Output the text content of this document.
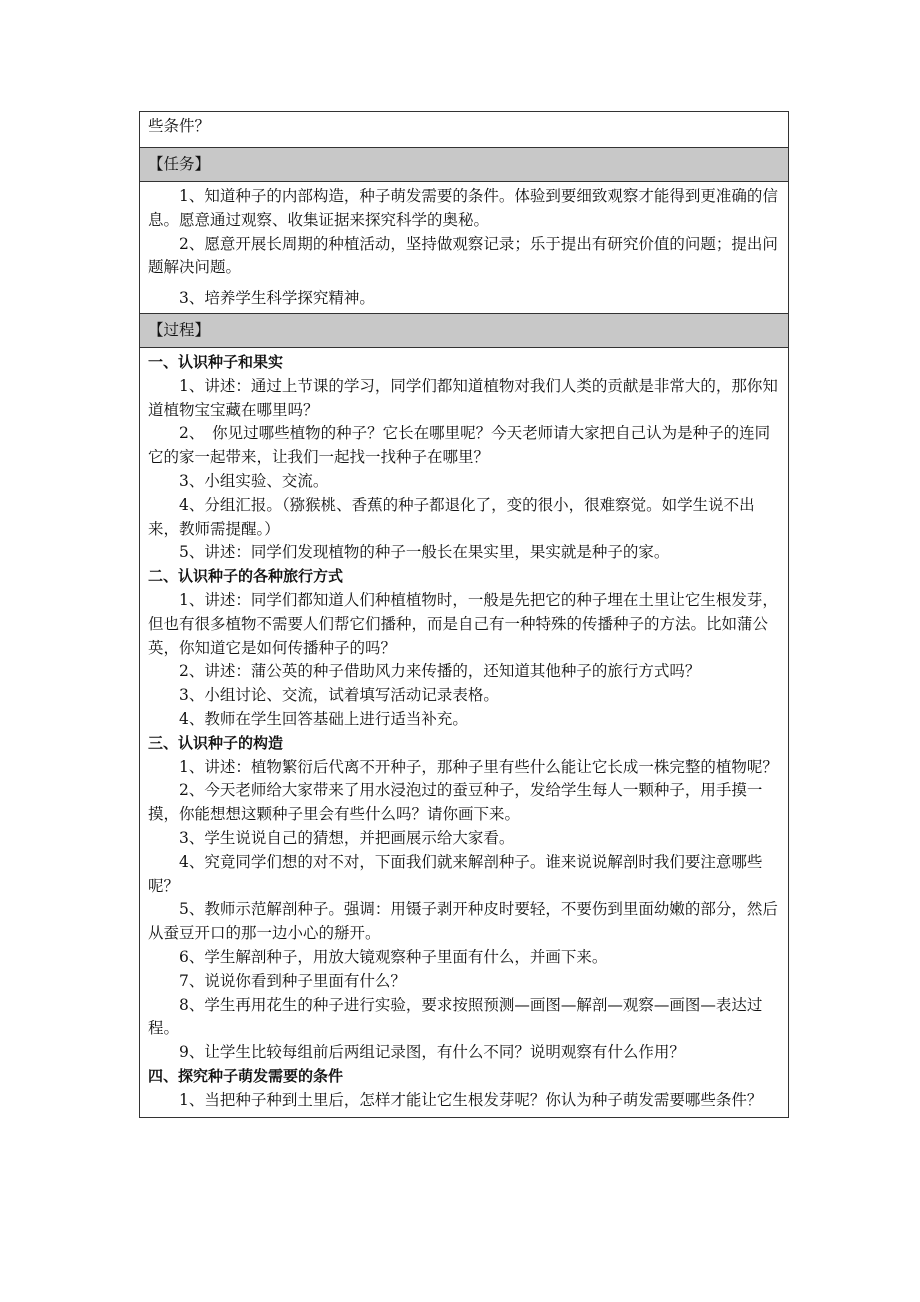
些条件？

【任务】

1、知道种子的内部构造，种子萌发需要的条件。体验到要细致观察才能得到更准确的信息。愿意通过观察、收集证据来探究科学的奥秘。

2、愿意开展长周期的种植活动，坚持做观察记录；乐于提出有研究价值的问题；提出问题解决问题。

3、培养学生科学探究精神。

【过程】

一、认识种子和果实

1、讲述：通过上节课的学习，同学们都知道植物对我们人类的贡献是非常大的，那你知道植物宝宝藏在哪里吗？

2、　你见过哪些植物的种子？它长在哪里呢？今天老师请大家把自己认为是种子的连同它的家一起带来，让我们一起找一找种子在哪里？

3、小组实验、交流。

4、分组汇报。（猕猴桃、香蕉的种子都退化了，变的很小，很难察觉。如学生说不出来，教师需提醒。）

5、讲述：同学们发现植物的种子一般长在果实里，果实就是种子的家。

二、认识种子的各种旅行方式

1、讲述：同学们都知道人们种植植物时，一般是先把它的种子埋在土里让它生根发芽，但也有很多植物不需要人们帮它们播种，而是自己有一种特殊的传播种子的方法。比如蒲公英，你知道它是如何传播种子的吗？

2、讲述：蒲公英的种子借助风力来传播的，还知道其他种子的旅行方式吗？

3、小组讨论、交流，试着填写活动记录表格。

4、教师在学生回答基础上进行适当补充。

三、认识种子的构造

1、讲述：植物繁衍后代离不开种子，那种子里有些什么能让它长成一株完整的植物呢？

2、今天老师给大家带来了用水浸泡过的蚕豆种子，发给学生每人一颗种子，用手摸一摸，你能想想这颗种子里会有些什么吗？请你画下来。

3、学生说说自己的猜想，并把画展示给大家看。

4、究竟同学们想的对不对，下面我们就来解剖种子。谁来说说解剖时我们要注意哪些呢？

5、教师示范解剖种子。强调：用镊子剥开种皮时要轻，不要伤到里面幼嫩的部分，然后从蚕豆开口的那一边小心的掰开。

6、学生解剖种子，用放大镜观察种子里面有什么，并画下来。

7、说说你看到种子里面有什么？

8、学生再用花生的种子进行实验，要求按照预测—画图—解剖—观察—画图—表达过程。

9、让学生比较每组前后两组记录图，有什么不同？说明观察有什么作用？

四、探究种子萌发需要的条件

1、当把种子种到土里后，怎样才能让它生根发芽呢？你认为种子萌发需要哪些条件？
